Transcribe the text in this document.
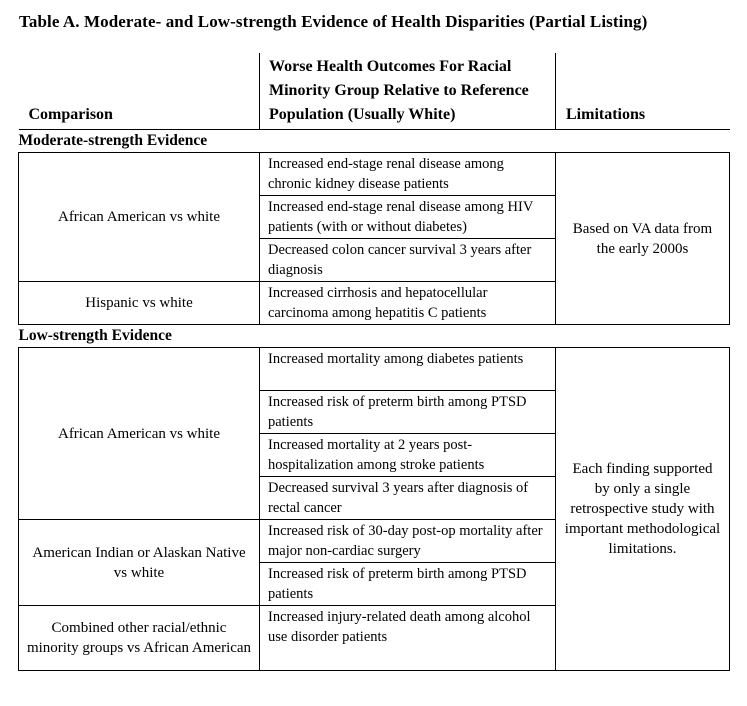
Table A. Moderate- and Low-strength Evidence of Health Disparities (Partial Listing)
Comparison	Worse Health Outcomes For Racial Minority Group Relative to Reference Population (Usually White)	Limitations
Moderate-strength Evidence		
African American vs white	Increased end-stage renal disease among chronic kidney disease patients	Based on VA data from the early 2000s
	Increased end-stage renal disease among HIV patients (with or without diabetes)	
	Decreased colon cancer survival 3 years after diagnosis	
Hispanic vs white	Increased cirrhosis and hepatocellular carcinoma among hepatitis C patients	
Low-strength Evidence		
African American vs white	Increased mortality among diabetes patients	Each finding supported by only a single retrospective study with important methodological limitations.
	Increased risk of preterm birth among PTSD patients	
	Increased mortality at 2 years post-hospitalization among stroke patients	
	Decreased survival 3 years after diagnosis of rectal cancer	
American Indian or Alaskan Native vs white	Increased risk of 30-day post-op mortality after major non-cardiac surgery	
	Increased risk of preterm birth among PTSD patients	
Combined other racial/ethnic minority groups vs African American	Increased injury-related death among alcohol use disorder patients	
